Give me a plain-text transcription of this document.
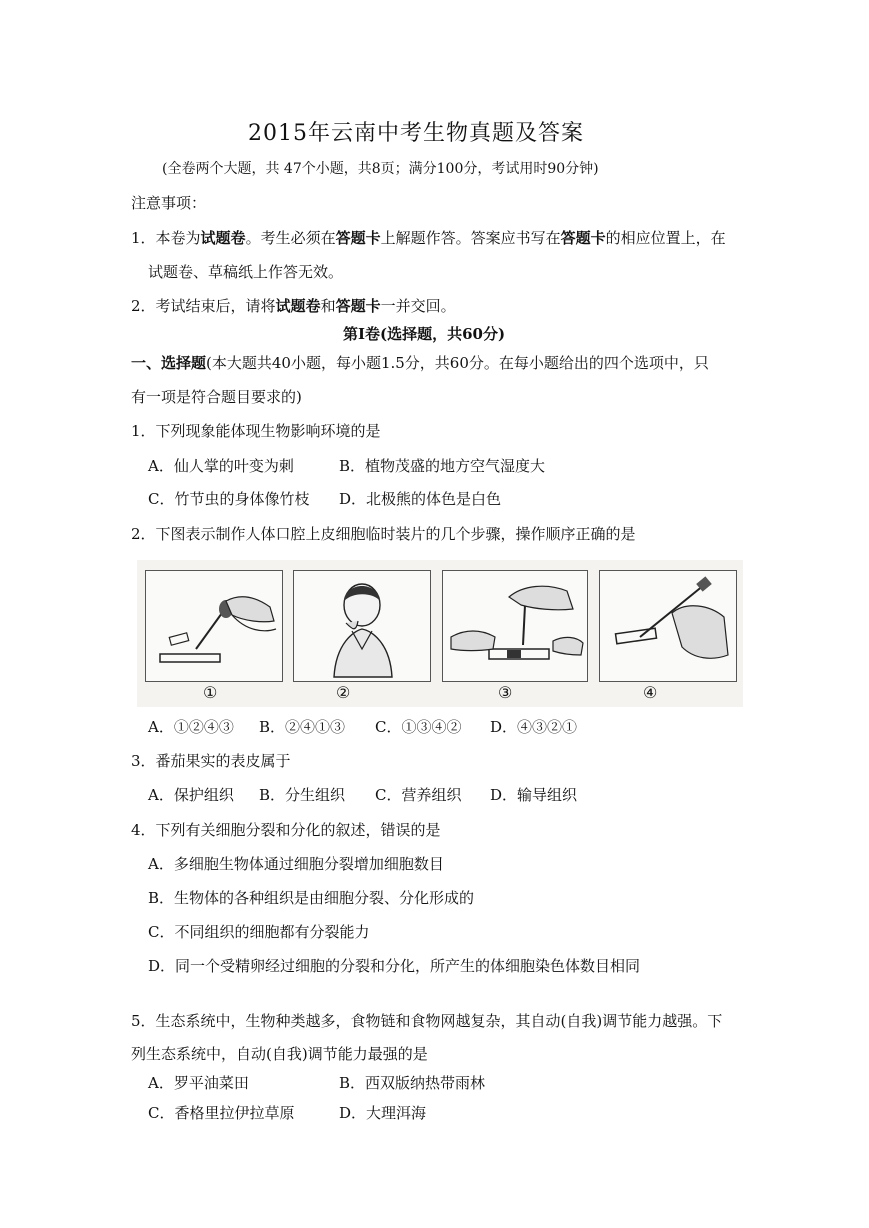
2015年云南中考生物真题及答案
(全卷两个大题，共 47个小题，共8页；满分100分，考试用时90分钟)
注意事项：
1．本卷为试题卷。考生必须在答题卡上解题作答。答案应书写在答题卡的相应位置上，在
试题卷、草稿纸上作答无效。
2．考试结束后，请将试题卷和答题卡一并交回。
第Ⅰ卷(选择题，共60分)
一、选择题(本大题共40小题，每小题1.5分，共60分。在每小题给出的四个选项中，只
有一项是符合题目要求的)
1．下列现象能体现生物影响环境的是
A．仙人掌的叶变为刺	B．植物茂盛的地方空气湿度大
C．竹节虫的身体像竹枝 D．北极熊的体色是白色
2．下图表示制作人体口腔上皮细胞临时装片的几个步骤，操作顺序正确的是
①	②	③	④
A．①②④③ B．②④①③ C．①③④② D．④③②①
3．番茄果实的表皮属于
A．保护组织 B．分生组织 C．营养组织 D．输导组织
4．下列有关细胞分裂和分化的叙述，错误的是
A．多细胞生物体通过细胞分裂增加细胞数目
B．生物体的各种组织是由细胞分裂、分化形成的
C．不同组织的细胞都有分裂能力
D．同一个受精卵经过细胞的分裂和分化，所产生的体细胞染色体数目相同
5．生态系统中，生物种类越多，食物链和食物网越复杂，其自动(自我)调节能力越强。下
列生态系统中，自动(自我)调节能力最强的是
A．罗平油菜田	B．西双版纳热带雨林
C．香格里拉伊拉草原	D．大理洱海
